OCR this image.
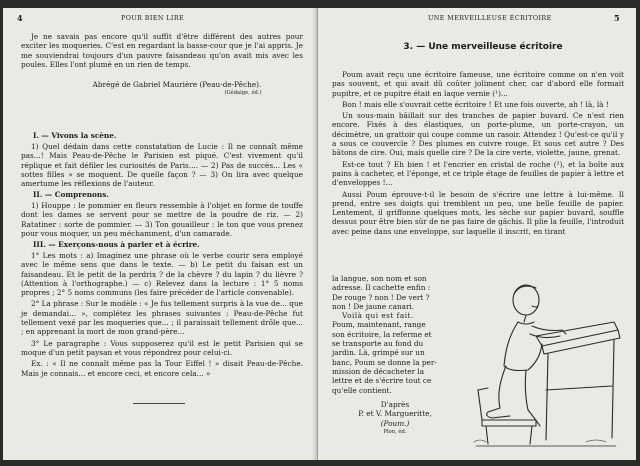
4	POUR BIEN LIRE

Je ne savais pas encore qu'il suffit d'être différent des autres pour exciter les moqueries. C'est en regardant la basse-cour que je l'ai appris. Je me souviendrai toujours d'un pauvre faisandeau qu'on avait mis avec les poules. Elles l'ont plumé en un rien de temps.

Abrégé de Gabriel Maurière (Peau-de-Pêche).
(Gédalge, éd.)
I. — Vivons la scène.

1) Quel dédain dans cette constatation de Lucie : Il ne connaît même pas...! Mais Peau-de-Pêche le Parisien est piqué. C'est vivement qu'il réplique et fait défiler les curiosités de Paris.... — 2) Pas de succès... Les « sottes filles » se moquent. De quelle façon ? — 3) On lira avec quelque amertume les réflexions de l'auteur.

II. — Comprenons.

1) Houppe : le pommier en fleurs ressemble à l'objet en forme de touffe dont les dames se servent pour se mettre de la poudre de riz. — 2) Ratatiner : sorte de pommier. — 3) Ton gouailleur : le ton que vous prenez pour vous moquer, un peu méchamment, d'un camarade.

III. — Exerçons-nous à parler et à écrire.

1° Les mots : a) Imaginez une phrase où le verbe courir sera employé avec le même sens que dans le texte. — b) Le petit du faisan est un faisandeau. Et le petit de la perdrix ? de la chèvre ? du lapin ? du lièvre ? (Attention à l'orthographe.) — c) Relevez dans la lecture : 1° 5 noms propres ; 2° 5 noms communs (les faire précéder de l'article convenable).

2° La phrase : Sur le modèle : « Je fus tellement surpris à la vue de... que je demandai... », complétez les phrases suivantes : Peau-de-Pêche fut tellement vexé par les moqueries que... ; il paraissait tellement drôle que... ; en apprenant la mort de mon grand-père...

3° Le paragraphe : Vous supposerez qu'il est le petit Parisien qui se moque d'un petit paysan et vous répondrez pour celui-ci.

Ex. : « Il ne connaît même pas la Tour Eiffel ! » disait Peau-de-Pêche. Mais je connais... et encore ceci, et encore cela... »

UNE MERVEILLEUSE ÉCRITOIRE	5
3. — Une merveilleuse écritoire

Poum avait reçu une écritoire fameuse, une écritoire comme on n'en voit pas souvent, et qui avait dû coûter joliment cher, car d'abord elle formait pupitre, et ce pupitre était en laque vernie (¹)...

Bon ! mais elle s'ouvrait cette écritoire ! Et une fois ouverte, ah ! là, là !

Un sous-main bâillait sur des tranches de papier buvard. Ce n'est rien encore. Fixés à des élastiques, un porte-plume, un porte-crayon, un décimètre, un grattoir qui coupe comme un rasoir. Attendez ! Qu'est-ce qu'il y a sous ce couvercle ? Des plumes en cuivre rouge. Et sous cet autre ? Des bâtons de cire. Oui, mais quelle cire ? De la cire verte, violette, jaune, grenat.

Est-ce tout ? Eh bien ! et l'encrier en cristal de roche (²), et la boîte aux pains à cacheter, et l'éponge, et ce triple étage de feuilles de papier à lettre et d'enveloppes !...

Aussi Poum éprouve-t-il le besoin de s'écrire une lettre à lui-même. Il prend, entre ses doigts qui tremblent un peu, une belle feuille de papier. Lentement, il griffonne quelques mots, les sèche sur papier buvard, souffle dessus pour être bien sûr de ne pas faire de gâchis. Il plie la feuille, l'introduit avec peine dans une enveloppe, sur laquelle il inscrit, en tirant

la langue, son nom et son
adresse. Il cachette enfin :
De rouge ? non ! De vert ?
non ! De jaune canari.
Voilà qui est fait.
Poum, maintenant, range
son écritoire, la referme et
se transporte au fond du
jardin. Là, grimpé sur un
banc, Poum se donne la per-
mission de décacheter la
lettre et de s'écrire tout ce
qu'elle contient.
D'après
P. et V. Margueritte,
(Poum.)
Plon, éd.
